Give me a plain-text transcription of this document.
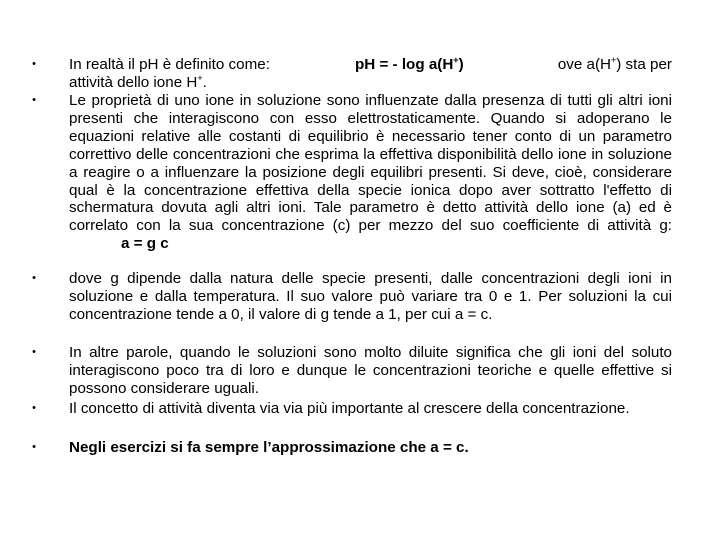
• In realtà il pH è definito come:	pH = - log a(H+)	ove a(H+) sta per
attività dello ione H+.
• Le proprietà di uno ione in soluzione sono influenzate dalla presenza di tutti gli altri ioni presenti che interagiscono con esso elettrostaticamente. Quando si adoperano le equazioni relative alle costanti di equilibrio è necessario tener conto di un parametro correttivo delle concentrazioni che esprima la effettiva disponibilità dello ione in soluzione a reagire o a influenzare la posizione degli equilibri presenti. Si deve, cioè, considerare qual è la concentrazione effettiva della specie ionica dopo aver sottratto l'effetto di schermatura dovuta agli altri ioni. Tale parametro è detto attività dello ione (a) ed è correlato con la sua concentrazione (c) per mezzo del suo coefficiente di attività g:a = g c
• dove g dipende dalla natura delle specie presenti, dalle concentrazioni degli ioni in soluzione e dalla temperatura. Il suo valore può variare tra 0 e 1. Per soluzioni la cui concentrazione tende a 0, il valore di g tende a 1, per cui a = c.
• In altre parole, quando le soluzioni sono molto diluite significa che gli ioni del soluto interagiscono poco tra di loro e dunque le concentrazioni teoriche e quelle effettive si possono considerare uguali.
• Il concetto di attività diventa via via più importante al crescere della concentrazione.
• Negli esercizi si fa sempre l’approssimazione che a = c.
